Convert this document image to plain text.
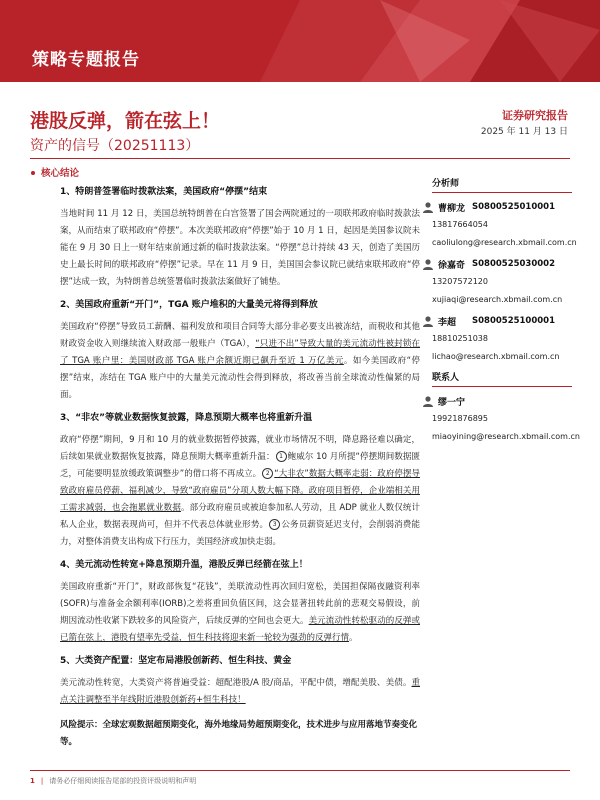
策略专题报告
港股反弹，箭在弦上！
资产的信号（20251113）
证券研究报告
2025 年 11 月 13 日
核心结论
1、特朗普签署临时拨款法案，美国政府“停摆”结束
当地时间 11 月 12 日，美国总统特朗普在白宫签署了国会两院通过的一项联邦政府临时拨款法案，从而结束了联邦政府“停摆”。本次美联邦政府“停摆”始于 10 月 1 日，起因是美国参议院未能在 9 月 30 日上一财年结束前通过新的临时拨款法案。“停摆”总计持续 43 天，创造了美国历史上最长时间的联邦政府“停摆”记录。早在 11 月 9 日，美国国会参议院已就结束联邦政府“停摆”达成一致，为特朗普总统签署临时拨款法案做好了铺垫。
2、美国政府重新“开门”，TGA 账户堆积的大量美元将得到释放
美国政府“停摆”导致员工薪酬、福利发放和项目合同等大部分非必要支出被冻结，而税收和其他财政资金收入则继续流入财政部一般账户（TGA），“只进不出”导致大量的美元流动性被封锁在了 TGA 账户里：美国财政部 TGA 账户余额近期已飙升至近 1 万亿美元。如今美国政府“停摆”结束，冻结在 TGA 账户中的大量美元流动性会得到释放，将改善当前全球流动性偏紧的局面。
3、“非农”等就业数据恢复披露，降息预期大概率也将重新升温
政府“停摆”期间，9 月和 10 月的就业数据暂停披露，就业市场情况不明，降息路径难以确定，后续如果就业数据恢复披露，降息预期大概率重新升温： 1 鲍威尔 10 月所提“停摆期间数据匮乏，可能要明显放缓政策调整步”的借口将不再成立。 2 “大非农”数据大概率走弱：政府停摆导致政府雇员停薪、福利减少，导致“政府雇员”分项人数大幅下降。政府项目暂停，企业端相关用工需求减弱，也会拖累就业数据。部分政府雇员或被迫参加私人劳动，且 ADP 就业人数仅统计私人企业，数据表现尚可，但并不代表总体就业形势。 3 公务员薪资延迟支付，会削弱消费能力，对整体消费支出构成下行压力，美国经济或加快走弱。
4、美元流动性转宽+降息预期升温，港股反弹已经箭在弦上！
美国政府重新“开门”，财政部恢复“花钱”，美联流动性再次回归宽松，美国担保隔夜融资利率(SOFR)与准备金余额利率(IORB)之差将重回负值区间，这会显著扭转此前的悲观交易假设，前期因流动性收紧下跌较多的风险资产，后续反弹的空间也会更大。美元流动性转松驱动的反弹或已箭在弦上，港股有望率先受益，恒生科技将迎来新一轮较为强劲的反弹行情。
5、大类资产配置：坚定布局港股创新药、恒生科技、黄金
美元流动性转宽，大类资产将普遍受益：超配港股/A 股/商品，平配中债，增配美股、美债。重点关注调整至半年线附近港股创新药+恒生科技！
风险提示：全球宏观数据超预期变化，海外地缘局势超预期变化，技术进步与应用落地节奏变化等。
分析师
曹柳龙 S0800525010001
13817664054
caoliulong@research.xbmail.com.cn
徐嘉奇 S0800525030002
13207572120
xujiaqi@research.xbmail.com.cn
李超	S0800525100001
18810251038
lichao@research.xbmail.com.cn
联系人
缪一宁
19921876895
miaoyining@research.xbmail.com.cn
1 | 请务必仔细阅读报告尾部的投资评级说明和声明
